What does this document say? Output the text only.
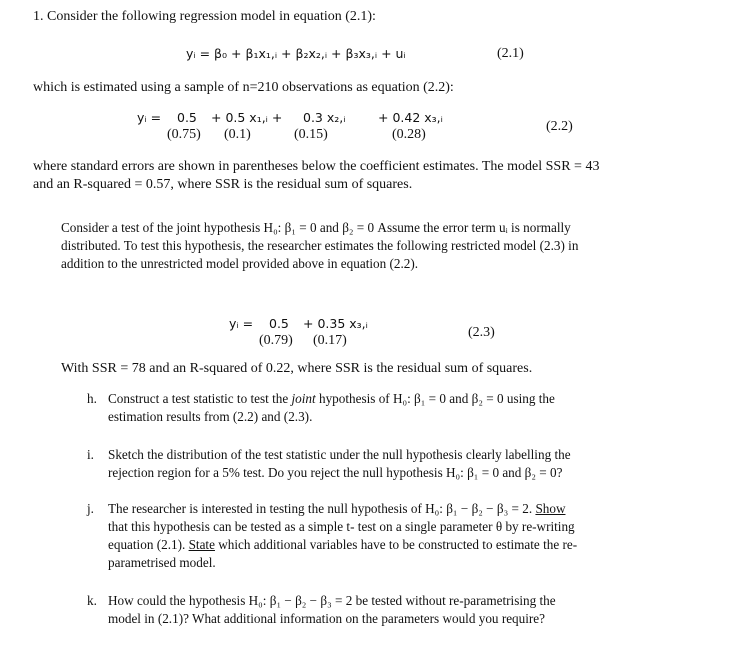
1. Consider the following regression model in equation (2.1):
yᵢ = β₀ + β₁x₁,ᵢ + β₂x₂,ᵢ + β₃x₃,ᵢ + uᵢ	(2.1)
which is estimated using a sample of n=210 observations as equation (2.2):
yᵢ = 0.5 + 0.5 x₁,ᵢ + 0.3 x₂,ᵢ	+ 0.42 x₃,ᵢ
(0.75) (0.1)	(0.15)	(0.28)
(2.2)
where standard errors are shown in parentheses below the coefficient estimates. The model SSR = 43
and an R-squared = 0.57, where SSR is the residual sum of squares.
Consider a test of the joint hypothesis H₀: β₁ = 0 and β₂ = 0 Assume the error term uᵢ is normally
distributed. To test this hypothesis, the researcher estimates the following restricted model (2.3) in
addition to the unrestricted model provided above in equation (2.2).
yᵢ = 0.5 + 0.35 x₃,ᵢ
(0.79) (0.17)
(2.3)
With SSR = 78 and an R-squared of 0.22, where SSR is the residual sum of squares.
h. Construct a test statistic to test the joint hypothesis of H₀: β₁ = 0 and β₂ = 0 using the
estimation results from (2.2) and (2.3).
i. Sketch the distribution of the test statistic under the null hypothesis clearly labelling the
rejection region for a 5% test. Do you reject the null hypothesis H₀: β₁ = 0 and β₂ = 0?
j. The researcher is interested in testing the null hypothesis of H₀: β₁ − β₂ − β₃ = 2. Show
that this hypothesis can be tested as a simple t- test on a single parameter θ by re-writing
equation (2.1). State which additional variables have to be constructed to estimate the re-
parametrised model.
k. How could the hypothesis H₀: β₁ − β₂ − β₃ = 2 be tested without re-parametrising the
model in (2.1)? What additional information on the parameters would you require?
